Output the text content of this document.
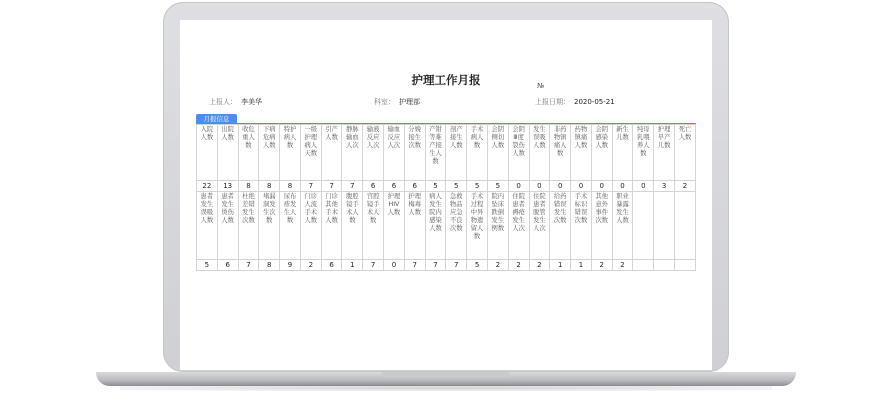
护理工作月报	№
上报人： 李美华	科室： 护理部	上报日期： 2020-05-21
月报信息
入院人数	出院人数	收危重人数	下病危病人数	特护病人数	一级护理病人天数	引产人数	静脉输血人次	输液反应人次	输血反应人次	分娩接生次数	产钳等难产接生人数	剖产接生人数	手术病人数	会阴侧切人数	会阴Ⅲ度裂伤人数	发生误吸人数	非药物镇痛人数	药物镇痛人数	会阴感染人数	新生儿数	纯母乳喂养人数	护理早产儿数	死亡人数

22	13	8	8	8	7	7	7	6	6	6	5	5	5	5	0	0	0	0	0	0	0	3	2

患者发生误吸人数	患者发生烫伤人数	杜绝差错发生次数	堵漏洞发生次数	尿布疹发生人数	门诊人流手术人数	门诊其他手术人数	腹腔镜手术人数	宫腔镜手术人数	护理HIV人数	护理梅毒人数	病人发生院内感染人数	急救物品应急不良次数	手术过程中异物遗留人数	院内坠床跌倒发生例数	住院患者褥疮发生人次	住院患者脱管发生人次	给药错误发生次数	手术标识错误次数	其他意外事件次数	职业暴露发生人数			

5	6	7	8	9	2	6	1	7	0	7	7	7	5	2	2	2	1	1	2	2			
